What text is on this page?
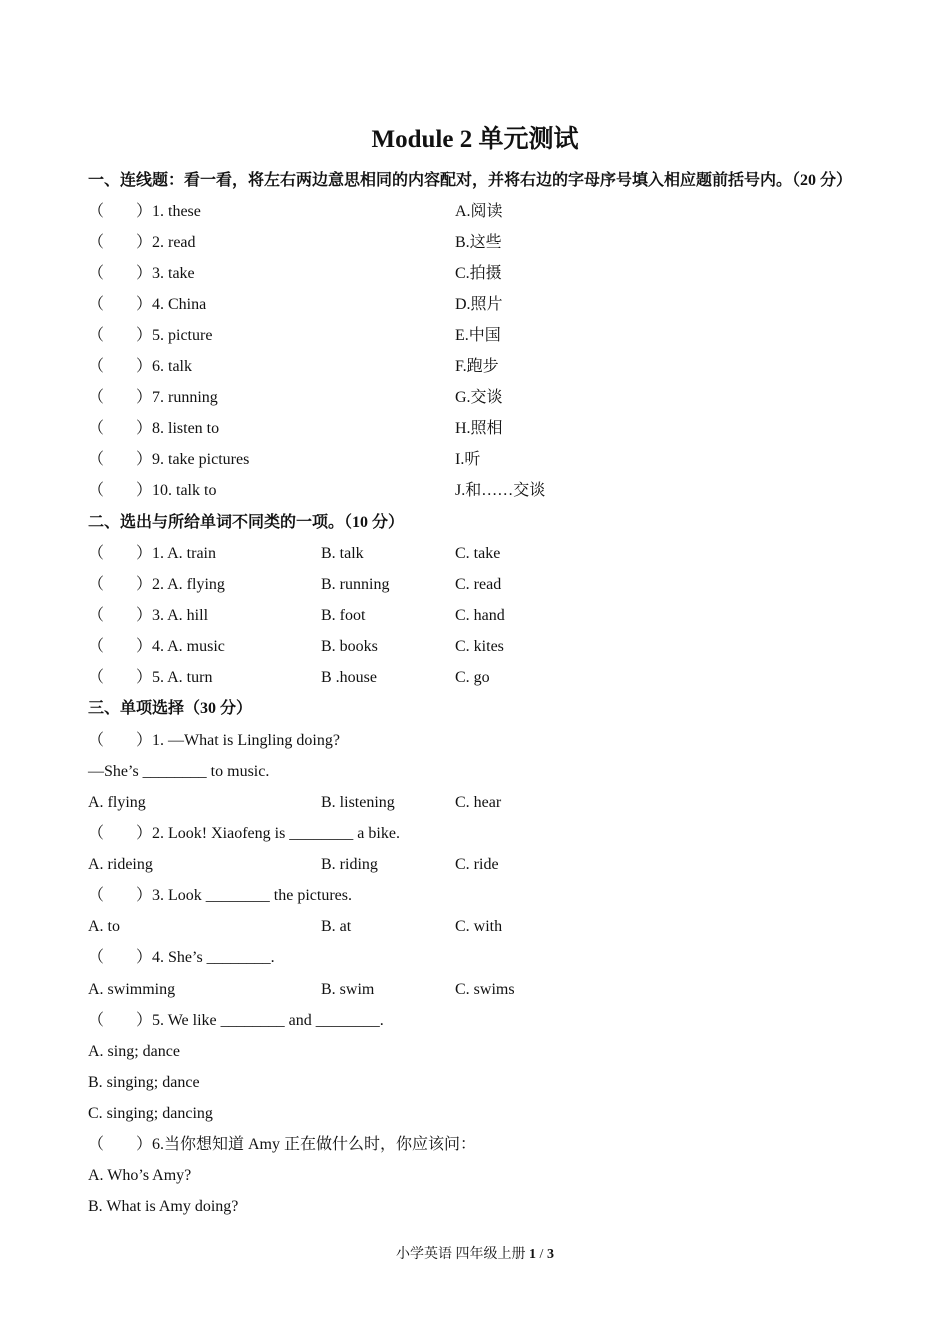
Module 2 单元测试
一、连线题：看一看，将左右两边意思相同的内容配对，并将右边的字母序号填入相应题前括号内。（20 分）
（　　）1. these	A.阅读
（　　）2. read	B.这些
（　　）3. take	C.拍摄
（　　）4. China	D.照片
（　　）5. picture	E.中国
（　　）6. talk	F.跑步
（　　）7. running	G.交谈
（　　）8. listen to	H.照相
（　　）9. take pictures	I.听
（　　）10. talk to	J.和……交谈
二、选出与所给单词不同类的一项。（10 分）
（　　）1. A. train	B. talk	C. take
（　　）2. A. flying	B. running	C. read
（　　）3. A. hill	B. foot	C. hand
（　　）4. A. music	B. books	C. kites
（　　）5. A. turn	B .house	C. go
三、单项选择（30 分）
（　　）1. —What is Lingling doing?
—She’s ________ to music.
A. flying	B. listening	C. hear
（　　）2. Look! Xiaofeng is ________ a bike.
A. rideing	B. riding	C. ride
（　　）3. Look ________ the pictures.
A. to	B. at	C. with
（　　）4. She’s ________.
A. swimming	B. swim	C. swims
（　　）5. We like ________ and ________.
A. sing; dance
B. singing; dance
C. singing; dancing
（　　）6.当你想知道 Amy 正在做什么时，你应该问：
A. Who’s Amy?
B. What is Amy doing?
小学英语 四年级上册 1 / 3
